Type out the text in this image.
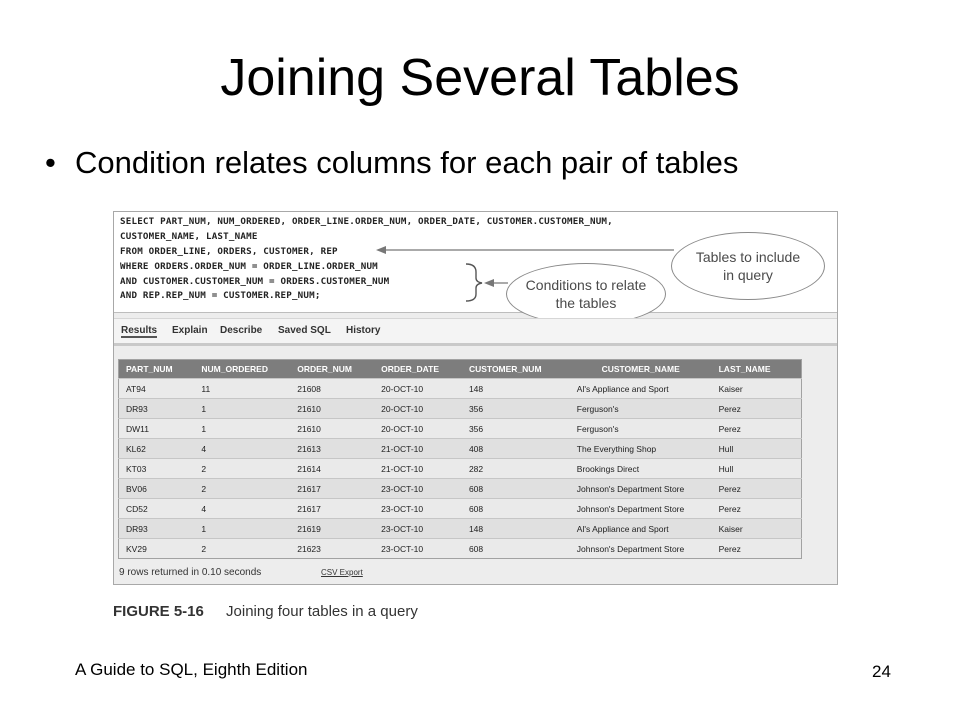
Joining Several Tables
• Condition relates columns for each pair of tables
SELECT PART_NUM, NUM_ORDERED, ORDER_LINE.ORDER_NUM, ORDER_DATE, CUSTOMER.CUSTOMER_NUM,
CUSTOMER_NAME, LAST_NAME
FROM ORDER_LINE, ORDERS, CUSTOMER, REP
WHERE ORDERS.ORDER_NUM = ORDER_LINE.ORDER_NUM
AND CUSTOMER.CUSTOMER_NUM = ORDERS.CUSTOMER_NUM
AND REP.REP_NUM = CUSTOMER.REP_NUM;
Tables to include
in query
Conditions to relate
the tables
Results Explain Describe Saved SQL History
PART_NUM	NUM_ORDERED	ORDER_NUM	ORDER_DATE	CUSTOMER_NUM	CUSTOMER_NAME	LAST_NAME
AT94	11	21608	20-OCT-10	148	Al's Appliance and Sport	Kaiser
DR93	1	21610	20-OCT-10	356	Ferguson's	Perez
DW11	1	21610	20-OCT-10	356	Ferguson's	Perez
KL62	4	21613	21-OCT-10	408	The Everything Shop	Hull
KT03	2	21614	21-OCT-10	282	Brookings Direct	Hull
BV06	2	21617	23-OCT-10	608	Johnson's Department Store	Perez
CD52	4	21617	23-OCT-10	608	Johnson's Department Store	Perez
DR93	1	21619	23-OCT-10	148	Al's Appliance and Sport	Kaiser
KV29	2	21623	23-OCT-10	608	Johnson's Department Store	Perez
9 rows returned in 0.10 seconds	CSV Export
FIGURE 5-16 Joining four tables in a query
A Guide to SQL, Eighth Edition	24
